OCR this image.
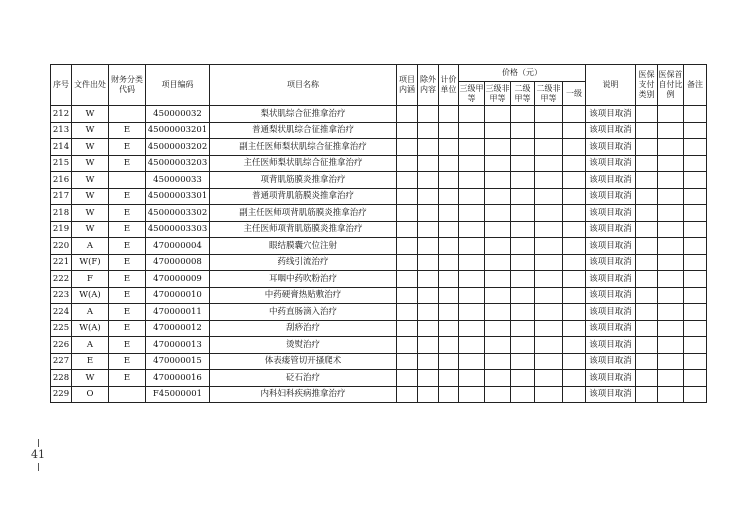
序号	文件出处	财务分类代码	项目编码	项目名称	项目内涵	除外内容	计价单位	价格（元）					说明	医保支付类别	医保首自付比例	备注
								三级甲等	三级非甲等	二级甲等	二级非甲等	一级				
212	W		450000032	梨状肌综合征推拿治疗									该项目取消			
213	W	E	45000003201	普通梨状肌综合征推拿治疗									该项目取消			
214	W	E	45000003202	副主任医师梨状肌综合征推拿治疗									该项目取消			
215	W	E	45000003203	主任医师梨状肌综合征推拿治疗									该项目取消			
216	W		450000033	项背肌筋膜炎推拿治疗									该项目取消			
217	W	E	45000003301	普通项背肌筋膜炎推拿治疗									该项目取消			
218	W	E	45000003302	副主任医师项背肌筋膜炎推拿治疗									该项目取消			
219	W	E	45000003303	主任医师项背肌筋膜炎推拿治疗									该项目取消			
220	A	E	470000004	眼结膜囊穴位注射									该项目取消			
221	W(F)	E	470000008	药线引流治疗									该项目取消			
222	F	E	470000009	耳咽中药吹粉治疗									该项目取消			
223	W(A)	E	470000010	中药硬膏热贴敷治疗									该项目取消			
224	A	E	470000011	中药直肠滴入治疗									该项目取消			
225	W(A)	E	470000012	刮痧治疗									该项目取消			
226	A	E	470000013	烫熨治疗									该项目取消			
227	E	E	470000015	体表瘘管切开搔爬术									该项目取消			
228	W	E	470000016	砭石治疗									该项目取消			
229	O		F45000001	内科妇科疾病推拿治疗									该项目取消			
41
